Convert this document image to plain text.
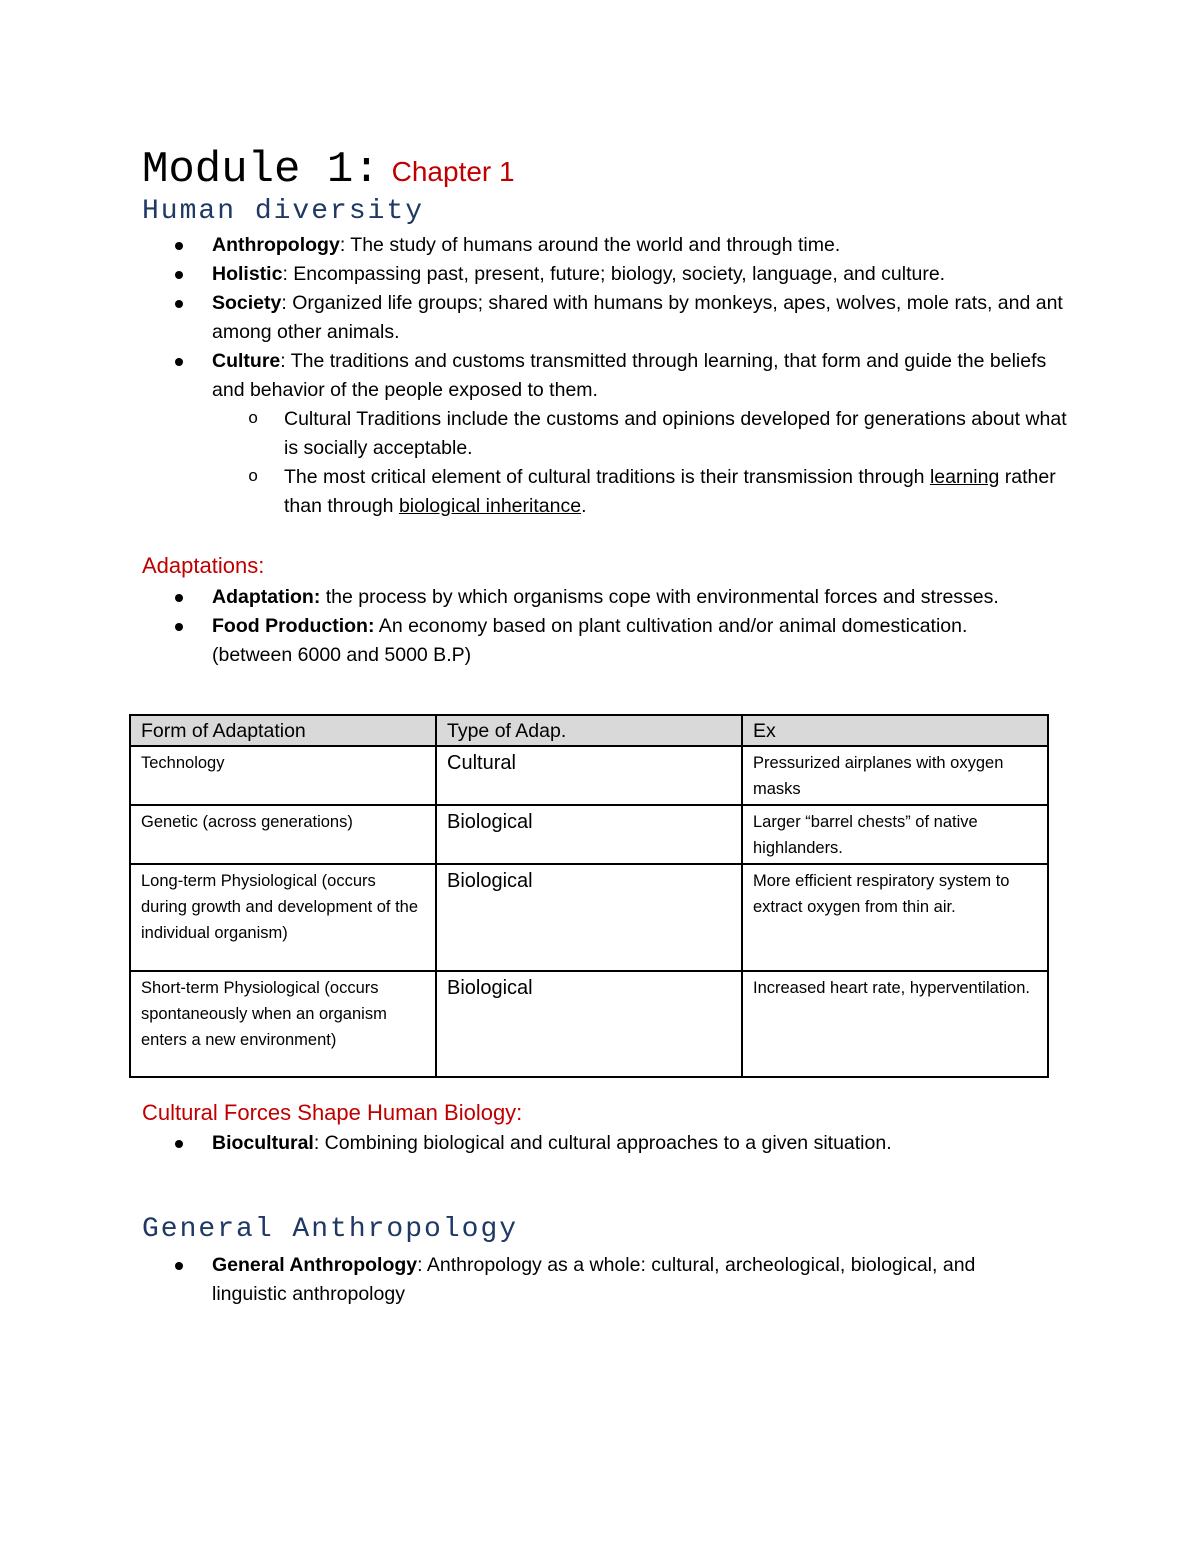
Module 1: Chapter 1
Human diversity
Anthropology: The study of humans around the world and through time.
Holistic: Encompassing past, present, future; biology, society, language, and culture.
Society: Organized life groups; shared with humans by monkeys, apes, wolves, mole rats, and ant among other animals.
Culture: The traditions and customs transmitted through learning, that form and guide the beliefs and behavior of the people exposed to them.
o Cultural Traditions include the customs and opinions developed for generations about what is socially acceptable.
o The most critical element of cultural traditions is their transmission through learning rather than through biological inheritance.
Adaptations:
Adaptation: the process by which organisms cope with environmental forces and stresses.
Food Production: An economy based on plant cultivation and/or animal domestication. (between 6000 and 5000 B.P)
Form of Adaptation	Type of Adap.	Ex
Technology	Cultural	Pressurized airplanes with oxygen masks
Genetic (across generations)	Biological	Larger “barrel chests” of native highlanders.
Long-term Physiological (occurs during growth and development of the individual organism)	Biological	More efficient respiratory system to extract oxygen from thin air.
Short-term Physiological (occurs spontaneously when an organism enters a new environment)	Biological	Increased heart rate, hyperventilation.
Cultural Forces Shape Human Biology:
Biocultural: Combining biological and cultural approaches to a given situation.
General Anthropology
General Anthropology: Anthropology as a whole: cultural, archeological, biological, and linguistic anthropology
